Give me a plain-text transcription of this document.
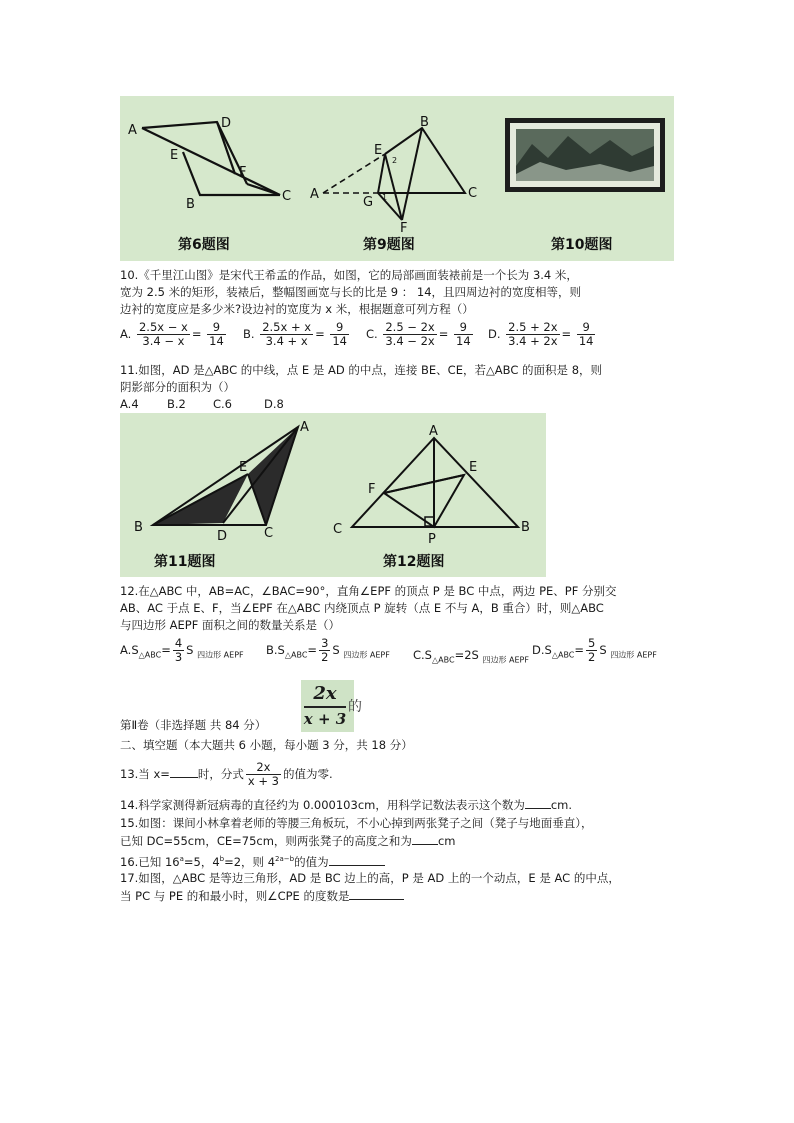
A	D
E
F
B
C
第6题图
A
B
C
E
G
F
1
2
第9题图	第10题图
10.《千里江山图》是宋代王希孟的作品，如图，它的局部画面装裱前是一个长为 3.4 米，
宽为 2.5 米的矩形，装裱后，整幅图画宽与长的比是 9 ： 14，且四周边衬的宽度相等，则
边衬的宽度应是多少米?设边衬的宽度为 x 米，根据题意可列方程（）
A. $\frac{2.5x - x}{3.4 - x} = \frac{9}{14} B$. $\frac{2.5x + x}{3.4 + x} = \frac{9}{14} C$. $\frac{2.5 - 2x}{3.4 - 2x} = \frac{9}{14} D$. $\frac{2.5 + 2x}{3.4 + 2x} = \frac{9}{14}$
11.如图，AD 是△ABC 的中线，点 E 是 AD 的中点，连接 BE、CE，若△ABC 的面积是 8，则
阴影部分的面积为（）
A.4 B.2 C.6	D.8
A
E
B
D	C
第11题图
A
E
F
C
P
B
第12题图
12.在△ABC 中，AB=AC，∠BAC=90°，直角∠EPF 的顶点 P 是 BC 中点，两边 PE、PF 分别交
AB、AC 于点 E、F，当∠EPF 在△ABC 内绕顶点 P 旋转（点 E 不与 A，B 重合）时，则△ABC
与四边形 AEPF 面积之间的数量关系是（）
$A.S_{\triangle ABC}= \frac{4}{3}$ S $_{四边形 AEPF}$ $B.S_{\triangle ABC}= \frac{3}{2}$ S $_{四边形 AEPF}$ $C.S_{\triangle ABC}=2S$ $_{四边形 AEPF}$
$D.S_{\triangle ABC}= \frac{5}{2}$ S $_{四边形 AEPF}$
2x
x + 3
的
第Ⅱ卷（非选择题 共 84 分）
二、填空题（本大题共 6 小题，每小题 3 分，共 18 分）
13.当 x= 时，分式 $\frac{2x}{x + 3}$ 的值为零.
14.科学家测得新冠病毒的直径约为 0.000103cm，用科学记数法表示这个数为 cm.
15.如图：课间小林拿着老师的等腰三角板玩，不小心掉到两张凳子之间（凳子与地面垂直），
已知 DC=55cm，CE=75cm，则两张凳子的高度之和为 cm
16.已知 $16^a=5$，$4^b=2$，则 $4^{2a-b}$的值为
17.如图，△ABC 是等边三角形，AD 是 BC 边上的高，P 是 AD 上的一个动点，E 是 AC 的中点，
当 PC 与 PE 的和最小时，则∠CPE 的度数是
